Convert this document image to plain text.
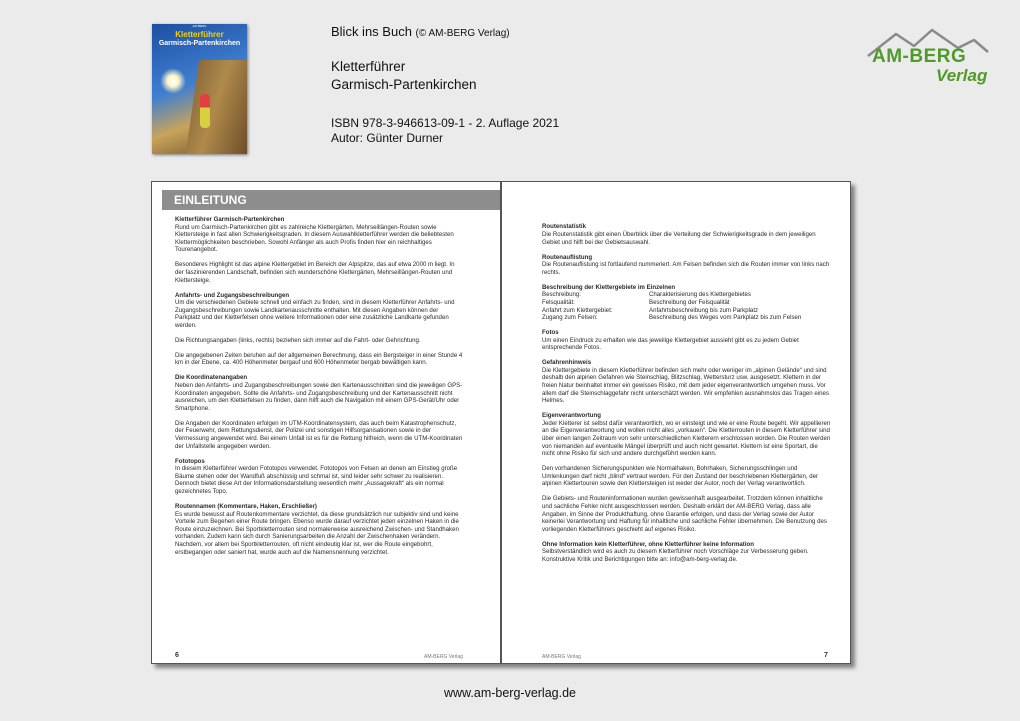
AM-BERG
Kletterführer
Garmisch-Partenkirchen
Blick ins Buch (© AM-BERG Verlag)
Kletterführer
Garmisch-Partenkirchen
ISBN 978-3-946613-09-1 - 2. Auflage 2021
Autor: Günter Durner
AM-BERG
Verlag
EINLEITUNG

Kletterführer Garmisch-Partenkirchen
Rund um Garmisch-Partenkirchen gibt es zahlreiche Klettergärten, Mehrseillängen-Routen sowie Klettersteige in fast allen Schwierigkeitsgraden. In diesem Auswahlkletterführer werden die beliebtesten Klettermöglichkeiten beschrieben. Sowohl Anfänger als auch Profis finden hier ein reichhaltiges Tourenangebot.

Besonderes Highlight ist das alpine Klettergebiet im Bereich der Alpspitze, das auf etwa 2000 m liegt. In der faszinierenden Landschaft, befinden sich wunderschöne Klettergärten, Mehrseillängen-Routen und Klettersteige.

Anfahrts- und Zugangsbeschreibungen
Um die verschiedenen Gebiete schnell und einfach zu finden, sind in diesem Kletterführer Anfahrts- und Zugangsbeschreibungen sowie Landkartenausschnitte enthalten. Mit diesen Angaben können der Parkplatz und der Kletterfelsen ohne weitere Informationen oder eine zusätzliche Landkarte gefunden werden.

Die Richtungsangaben (links, rechts) beziehen sich immer auf die Fahrt- oder Gehrichtung.

Die angegebenen Zeiten beruhen auf der allgemeinen Berechnung, dass ein Bergsteiger in einer Stunde 4 km in der Ebene, ca. 400 Höhenmeter bergauf und 600 Höhenmeter bergab bewältigen kann.

Die Koordinatenangaben
Neben den Anfahrts- und Zugangsbeschreibungen sowie den Kartenausschnitten sind die jeweiligen GPS-Koordinaten angegeben. Sollte die Anfahrts- und Zugangsbeschreibung und der Kartenausschnitt nicht ausreichen, um den Kletterfelsen zu finden, dann hilft auch die Navigation mit einem GPS-Gerät/Uhr oder Smartphone.

Die Angaben der Koordinaten erfolgen im UTM-Koordinatensystem, das auch beim Katastrophenschutz, der Feuerwehr, dem Rettungsdienst, der Polizei und sonstigen Hilfsorganisationen sowie in der Vermessung angewendet wird. Bei einem Unfall ist es für die Rettung hilfreich, wenn die UTM-Koordinaten der Unfallstelle angegeben werden.

Fototopos
In diesem Kletterführer werden Fototopos verwendet. Fototopos von Felsen an denen am Einstieg große Bäume stehen oder der Wandfuß abschüssig und schmal ist, sind leider sehr schwer zu realisieren. Dennoch bietet diese Art der Informationsdarstellung wesentlich mehr „Aussagekraft“ als ein normal gezeichnetes Topo.

Routennamen (Kommentare, Haken, Erschließer)
Es wurde bewusst auf Routenkommentare verzichtet, da diese grundsätzlich nur subjektiv sind und keine Vorteile zum Begehen einer Route bringen. Ebenso wurde darauf verzichtet jeden einzelnen Haken in die Route einzuzeichnen. Bei Sportkletterrouten sind normalerweise ausreichend Zwischen- und Standhaken vorhanden. Zudem kann sich durch Sanierungsarbeiten die Anzahl der Zwischenhaken verändern. Nachdem, vor allem bei Sportkletterrouten, oft nicht eindeutig klar ist, wer die Route eingebohrt, erstbegangen oder saniert hat, wurde auch auf die Namensnennung verzichtet.

6	AM-BERG Verlag

Routenstatistik
Die Routenstatistik gibt einen Überblick über die Verteilung der Schwierigkeitsgrade in dem jeweiligen Gebiet und hilft bei der Gebietsauswahl.

Routenauflistung
Die Routenauflistung ist fortlaufend nummeriert. Am Felsen befinden sich die Routen immer von links nach rechts.

Beschreibung der Klettergebiete im Einzelnen
Beschreibung:	Charakterisierung des Klettergebietes
Felsqualität:	Beschreibung der Felsqualität
Anfahrt zum Klettergebiet:	Anfahrtsbeschreibung bis zum Parkplatz
Zugang zum Felsen:	Beschreibung des Weges vom Parkplatz bis zum Felsen

Fotos
Um einen Eindruck zu erhalten wie das jeweilige Klettergebiet aussieht gibt es zu jedem Gebiet entsprechende Fotos.

Gefahrenhinweis
Die Klettergebiete in diesem Kletterführer befinden sich mehr oder weniger im „alpinen Gelände“ und sind deshalb den alpinen Gefahren wie Steinschlag, Blitzschlag, Wettersturz usw. ausgesetzt. Klettern in der freien Natur beinhaltet immer ein gewisses Risiko, mit dem jeder eigenverantwortlich umgehen muss. Vor allem darf die Steinschlaggefahr nicht unterschätzt werden. Wir empfehlen ausnahmslos das Tragen eines Helmes.

Eigenverantwortung
Jeder Kletterer ist selbst dafür verantwortlich, wo er einsteigt und wie er eine Route begeht. Wir appellieren an die Eigenverantwortung und wollen nicht alles „vorkauen“. Die Kletterrouten in diesem Kletterführer sind über einen langen Zeitraum von sehr unterschiedlichen Kletterern erschlossen worden. Die Routen werden von niemanden auf eventuelle Mängel überprüft und auch nicht gewartet. Klettern ist eine Sportart, die nicht ohne Risiko für sich und andere durchgeführt werden kann.

Den vorhandenen Sicherungspunkten wie Normalhaken, Bohrhaken, Sicherungsschlingen und Umlenkungen darf nicht „blind“ vertraut werden. Für den Zustand der beschriebenen Klettergärten, der alpinen Klettertouren sowie den Klettersteigen ist weder der Autor, noch der Verlag verantwortlich.

Die Gebiets- und Routeninformationen wurden gewissenhaft ausgearbeitet. Trotzdem können inhaltliche und sachliche Fehler nicht ausgeschlossen werden. Deshalb erklärt der AM-BERG Verlag, dass alle Angaben, im Sinne der Produkthaftung, ohne Garantie erfolgen, und dass der Verlag sowie der Autor keinerlei Verantwortung und Haftung für inhaltliche und sachliche Fehler übernehmen. Die Benutzung des vorliegenden Kletterführers geschieht auf eigenes Risiko.

Ohne Information kein Kletterführer, ohne Kletterführer keine Information
Selbstverständlich wird es auch zu diesem Kletterführer noch Vorschläge zur Verbesserung geben. Konstruktive Kritik und Berichtigungen bitte an: info@am-berg-verlag.de.

AM-BERG Verlag	7
www.am-berg-verlag.de
